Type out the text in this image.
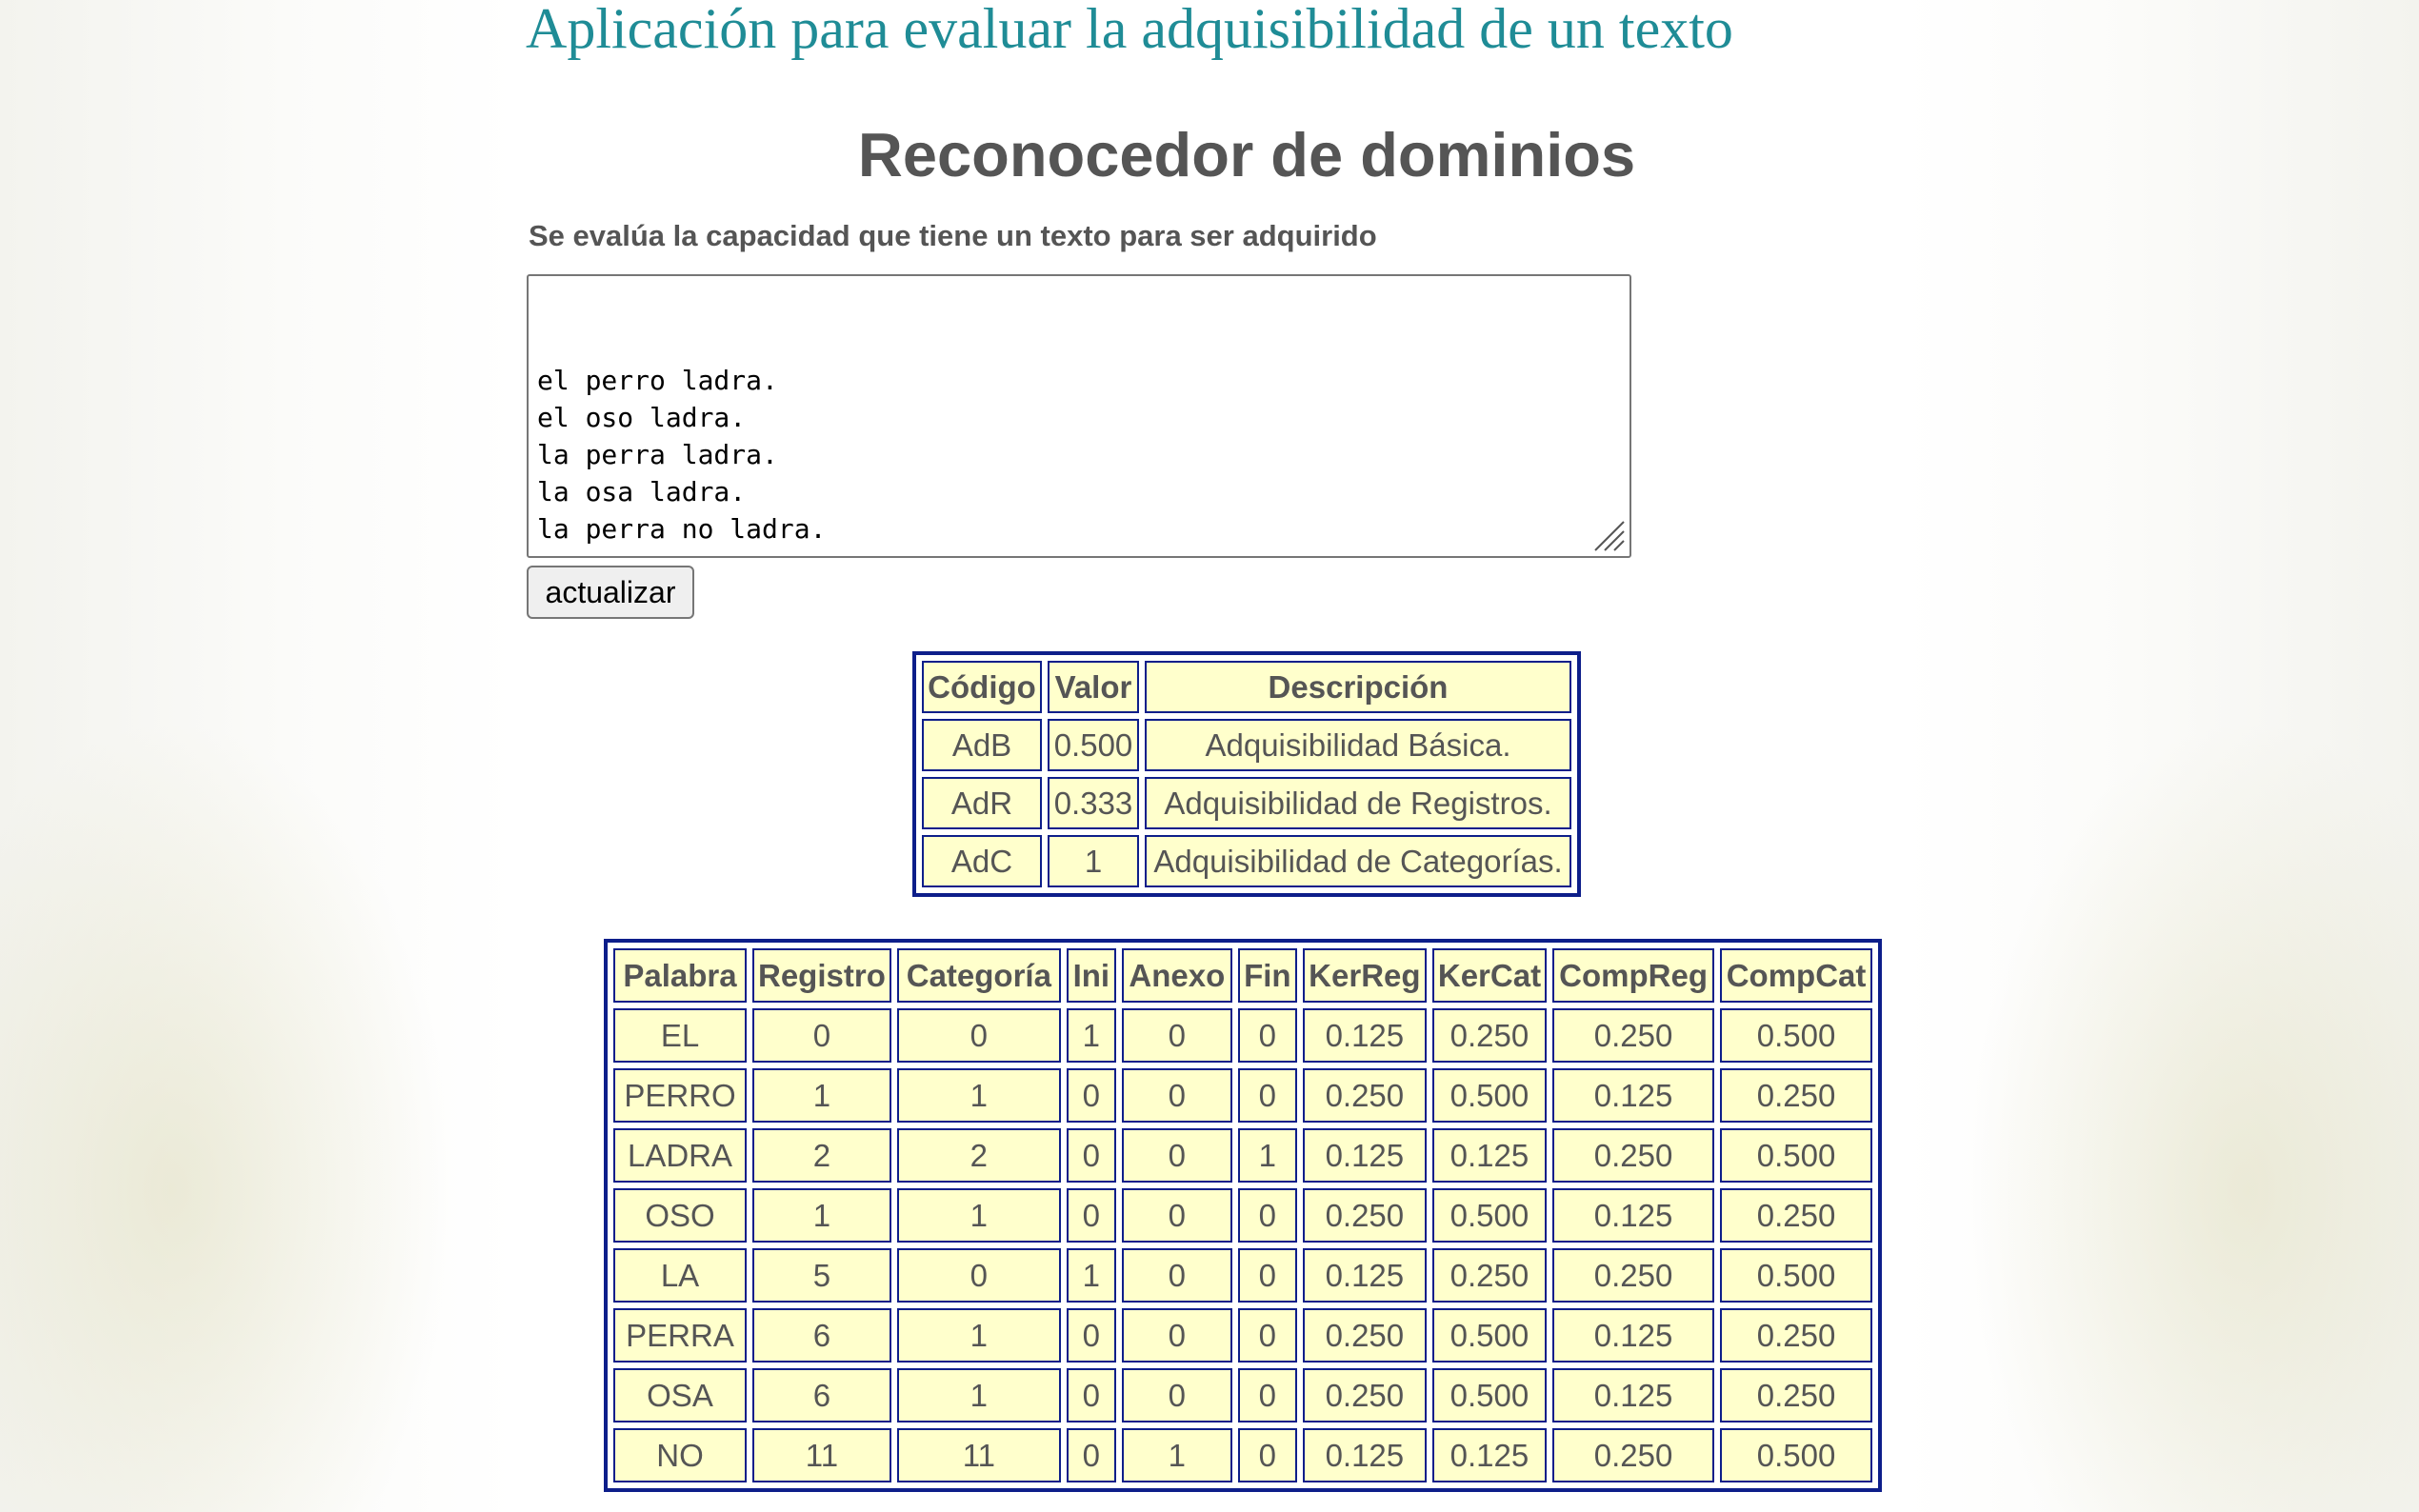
Aplicación para evaluar la adquisibilidad de un texto
Reconocedor de dominios
Se evalúa la capacidad que tiene un texto para ser adquirido

el perro ladra.
el oso ladra.
la perra ladra.
la osa ladra.
la perra no ladra.

actualizar
Código	Valor	Descripción
AdB	0.500	Adquisibilidad Básica.
AdR	0.333	Adquisibilidad de Registros.
AdC	1	Adquisibilidad de Categorías.
Palabra	Registro	Categoría	Ini	Anexo	Fin	KerReg	KerCat	CompReg	CompCat
EL	0	0	1	0	0	0.125	0.250	0.250	0.500
PERRO	1	1	0	0	0	0.250	0.500	0.125	0.250
LADRA	2	2	0	0	1	0.125	0.125	0.250	0.500
OSO	1	1	0	0	0	0.250	0.500	0.125	0.250
LA	5	0	1	0	0	0.125	0.250	0.250	0.500
PERRA	6	1	0	0	0	0.250	0.500	0.125	0.250
OSA	6	1	0	0	0	0.250	0.500	0.125	0.250
NO	11	11	0	1	0	0.125	0.125	0.250	0.500
